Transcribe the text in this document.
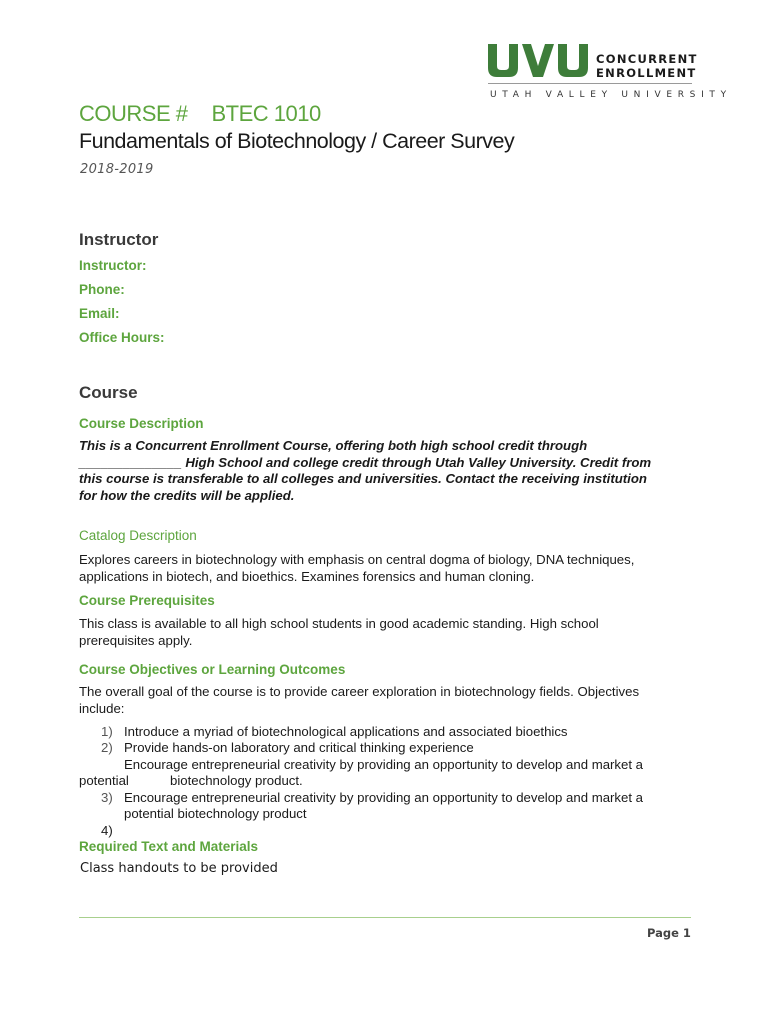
CONCURRENT
ENROLLMENT
UTAH VALLEY UNIVERSITY
COURSE # BTEC 1010
Fundamentals of Biotechnology / Career Survey
2018-2019
Instructor
Instructor:
Phone:
Email:
Office Hours:
Course
Course Description
This is a Concurrent Enrollment Course, offering both high school credit through
______________ High School and college credit through Utah Valley University. Credit from
this course is transferable to all colleges and universities. Contact the receiving institution
for how the credits will be applied.
Catalog Description
Explores careers in biotechnology with emphasis on central dogma of biology, DNA techniques,
applications in biotech, and bioethics. Examines forensics and human cloning.
Course Prerequisites
This class is available to all high school students in good academic standing. High school
prerequisites apply.
Course Objectives or Learning Outcomes
The overall goal of the course is to provide career exploration in biotechnology fields. Objectives
include:
1) Introduce a myriad of biotechnological applications and associated bioethics
2) Provide hands-on laboratory and critical thinking experience
Encourage entrepreneurial creativity by providing an opportunity to develop and market a
potential	biotechnology product.
3) Encourage entrepreneurial creativity by providing an opportunity to develop and market a
potential biotechnology product
4)
Required Text and Materials
Class handouts to be provided
Page 1
